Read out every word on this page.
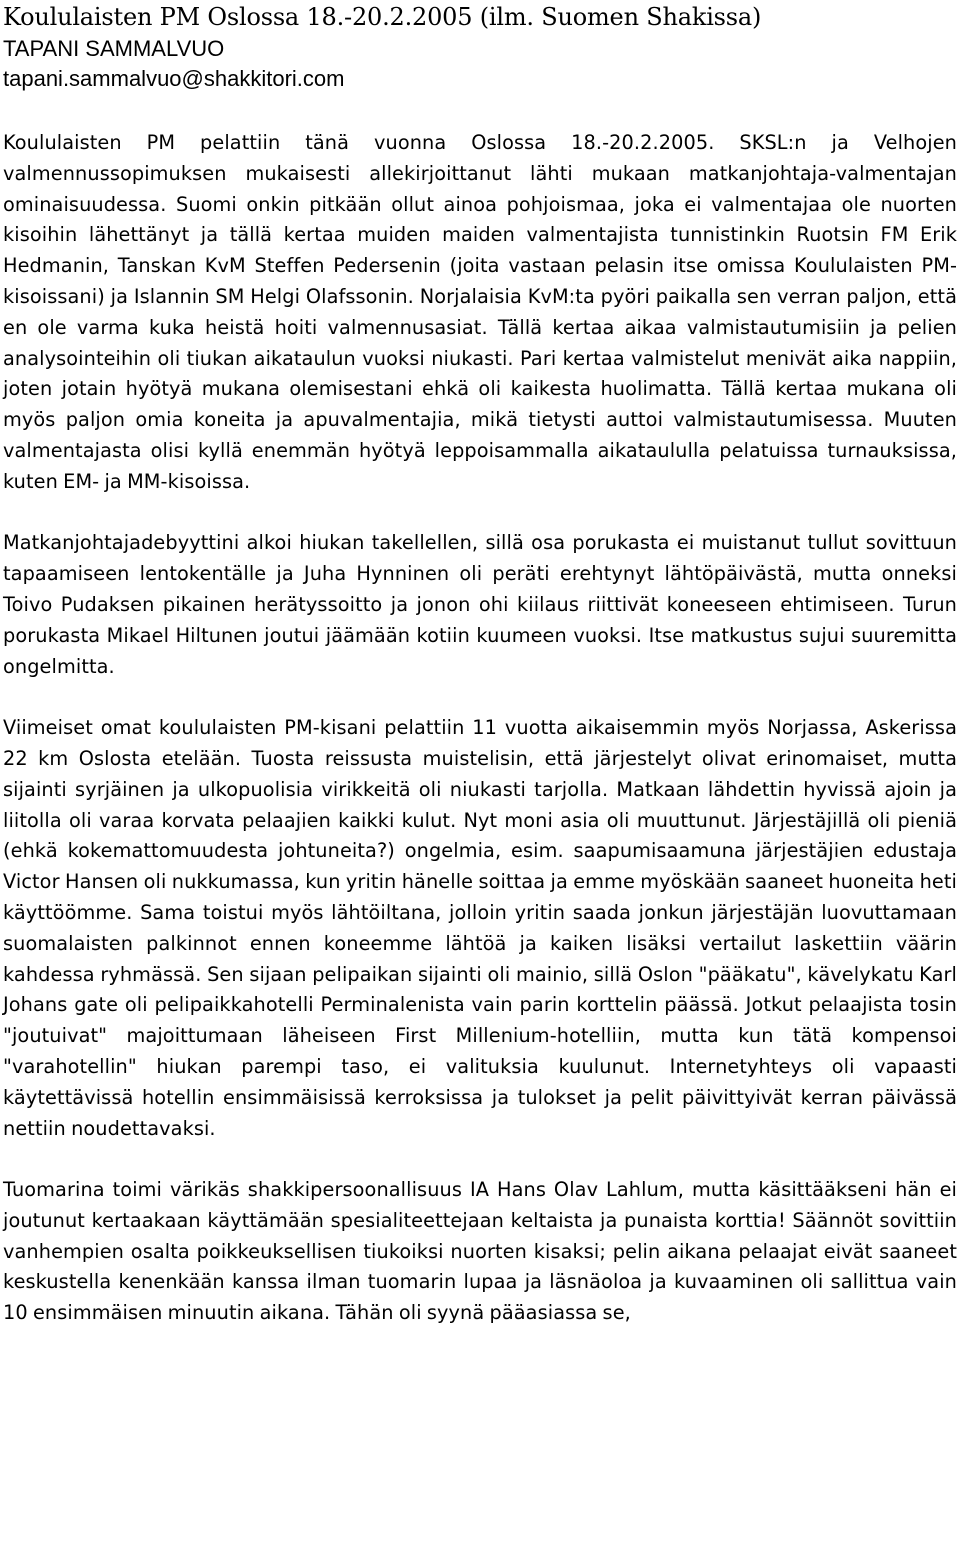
Koululaisten PM Oslossa 18.-20.2.2005 (ilm. Suomen Shakissa)
TAPANI SAMMALVUO
tapani.sammalvuo@shakkitori.com

Koululaisten PM pelattiin tänä vuonna Oslossa 18.-20.2.2005. SKSL:n ja Velhojen valmennussopimuksen mukaisesti allekirjoittanut lähti mukaan matkanjohtaja-valmentajan ominaisuudessa. Suomi onkin pitkään ollut ainoa pohjoismaa, joka ei valmentajaa ole nuorten kisoihin lähettänyt ja tällä kertaa muiden maiden valmentajista tunnistinkin Ruotsin FM Erik Hedmanin, Tanskan KvM Steffen Pedersenin (joita vastaan pelasin itse omissa Koululaisten PM-kisoissani) ja Islannin SM Helgi Olafssonin. Norjalaisia KvM:ta pyöri paikalla sen verran paljon, että en ole varma kuka heistä hoiti valmennusasiat. Tällä kertaa aikaa valmistautumisiin ja pelien analysointeihin oli tiukan aikataulun vuoksi niukasti. Pari kertaa valmistelut menivät aika nappiin, joten jotain hyötyä mukana olemisestani ehkä oli kaikesta huolimatta. Tällä kertaa mukana oli myös paljon omia koneita ja apuvalmentajia, mikä tietysti auttoi valmistautumisessa. Muuten valmentajasta olisi kyllä enemmän hyötyä leppoisammalla aikataululla pelatuissa turnauksissa, kuten EM- ja MM-kisoissa.

Matkanjohtajadebyyttini alkoi hiukan takellellen, sillä osa porukasta ei muistanut tullut sovittuun tapaamiseen lentokentälle ja Juha Hynninen oli peräti erehtynyt lähtöpäivästä, mutta onneksi Toivo Pudaksen pikainen herätyssoitto ja jonon ohi kiilaus riittivät koneeseen ehtimiseen. Turun porukasta Mikael Hiltunen joutui jäämään kotiin kuumeen vuoksi. Itse matkustus sujui suuremitta ongelmitta.

Viimeiset omat koululaisten PM-kisani pelattiin 11 vuotta aikaisemmin myös Norjassa, Askerissa 22 km Oslosta etelään. Tuosta reissusta muistelisin, että järjestelyt olivat erinomaiset, mutta sijainti syrjäinen ja ulkopuolisia virikkeitä oli niukasti tarjolla. Matkaan lähdettin hyvissä ajoin ja liitolla oli varaa korvata pelaajien kaikki kulut. Nyt moni asia oli muuttunut. Järjestäjillä oli pieniä (ehkä kokemattomuudesta johtuneita?) ongelmia, esim. saapumisaamuna järjestäjien edustaja Victor Hansen oli nukkumassa, kun yritin hänelle soittaa ja emme myöskään saaneet huoneita heti käyttöömme. Sama toistui myös lähtöiltana, jolloin yritin saada jonkun järjestäjän luovuttamaan suomalaisten palkinnot ennen koneemme lähtöä ja kaiken lisäksi vertailut laskettiin väärin kahdessa ryhmässä. Sen sijaan pelipaikan sijainti oli mainio, sillä Oslon "pääkatu", kävelykatu Karl Johans gate oli pelipaikkahotelli Perminalenista vain parin korttelin päässä. Jotkut pelaajista tosin "joutuivat" majoittumaan läheiseen First Millenium-hotelliin, mutta kun tätä kompensoi "varahotellin" hiukan parempi taso, ei valituksia kuulunut. Internetyhteys oli vapaasti käytettävissä hotellin ensimmäisissä kerroksissa ja tulokset ja pelit päivittyivät kerran päivässä nettiin noudettavaksi.

Tuomarina toimi värikäs shakkipersoonallisuus IA Hans Olav Lahlum, mutta käsittääkseni hän ei joutunut kertaakaan käyttämään spesialiteettejaan keltaista ja punaista korttia! Säännöt sovittiin vanhempien osalta poikkeuksellisen tiukoiksi nuorten kisaksi; pelin aikana pelaajat eivät saaneet keskustella kenenkään kanssa ilman tuomarin lupaa ja läsnäoloa ja kuvaaminen oli sallittua vain 10 ensimmäisen minuutin aikana. Tähän oli syynä pääasiassa se,
